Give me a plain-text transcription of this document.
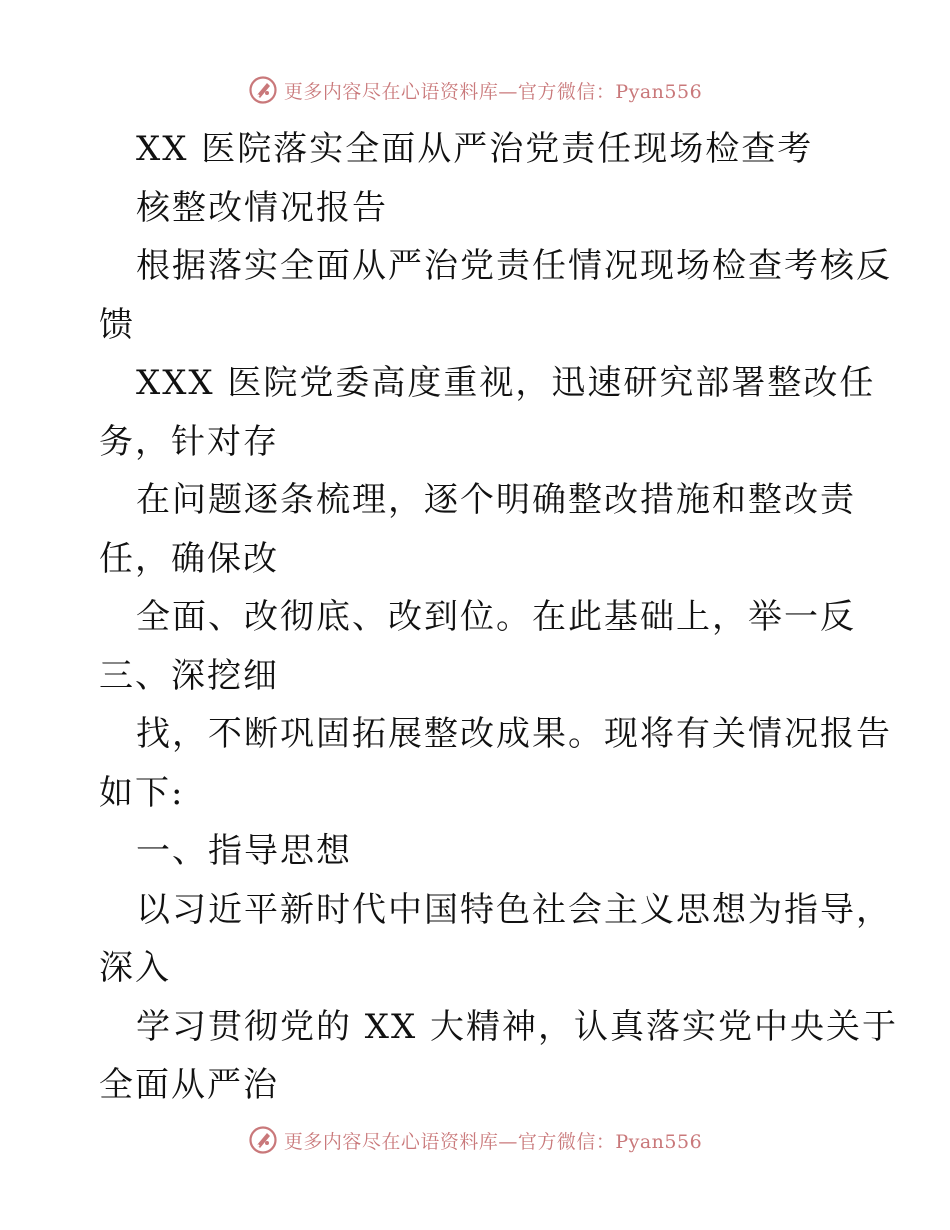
更多内容尽在心语资料库—官方微信：Pyan556
XX 医院落实全面从严治党责任现场检查考
核整改情况报告
根据落实全面从严治党责任情况现场检查考核反
馈
XXX 医院党委高度重视，迅速研究部署整改任
务，针对存
在问题逐条梳理，逐个明确整改措施和整改责
任，确保改
全面、改彻底、改到位。在此基础上，举一反
三、深挖细
找，不断巩固拓展整改成果。现将有关情况报告
如下:
一、指导思想
以习近平新时代中国特色社会主义思想为指导，
深入
学习贯彻党的 XX 大精神，认真落实党中央关于
全面从严治
更多内容尽在心语资料库—官方微信：Pyan556
